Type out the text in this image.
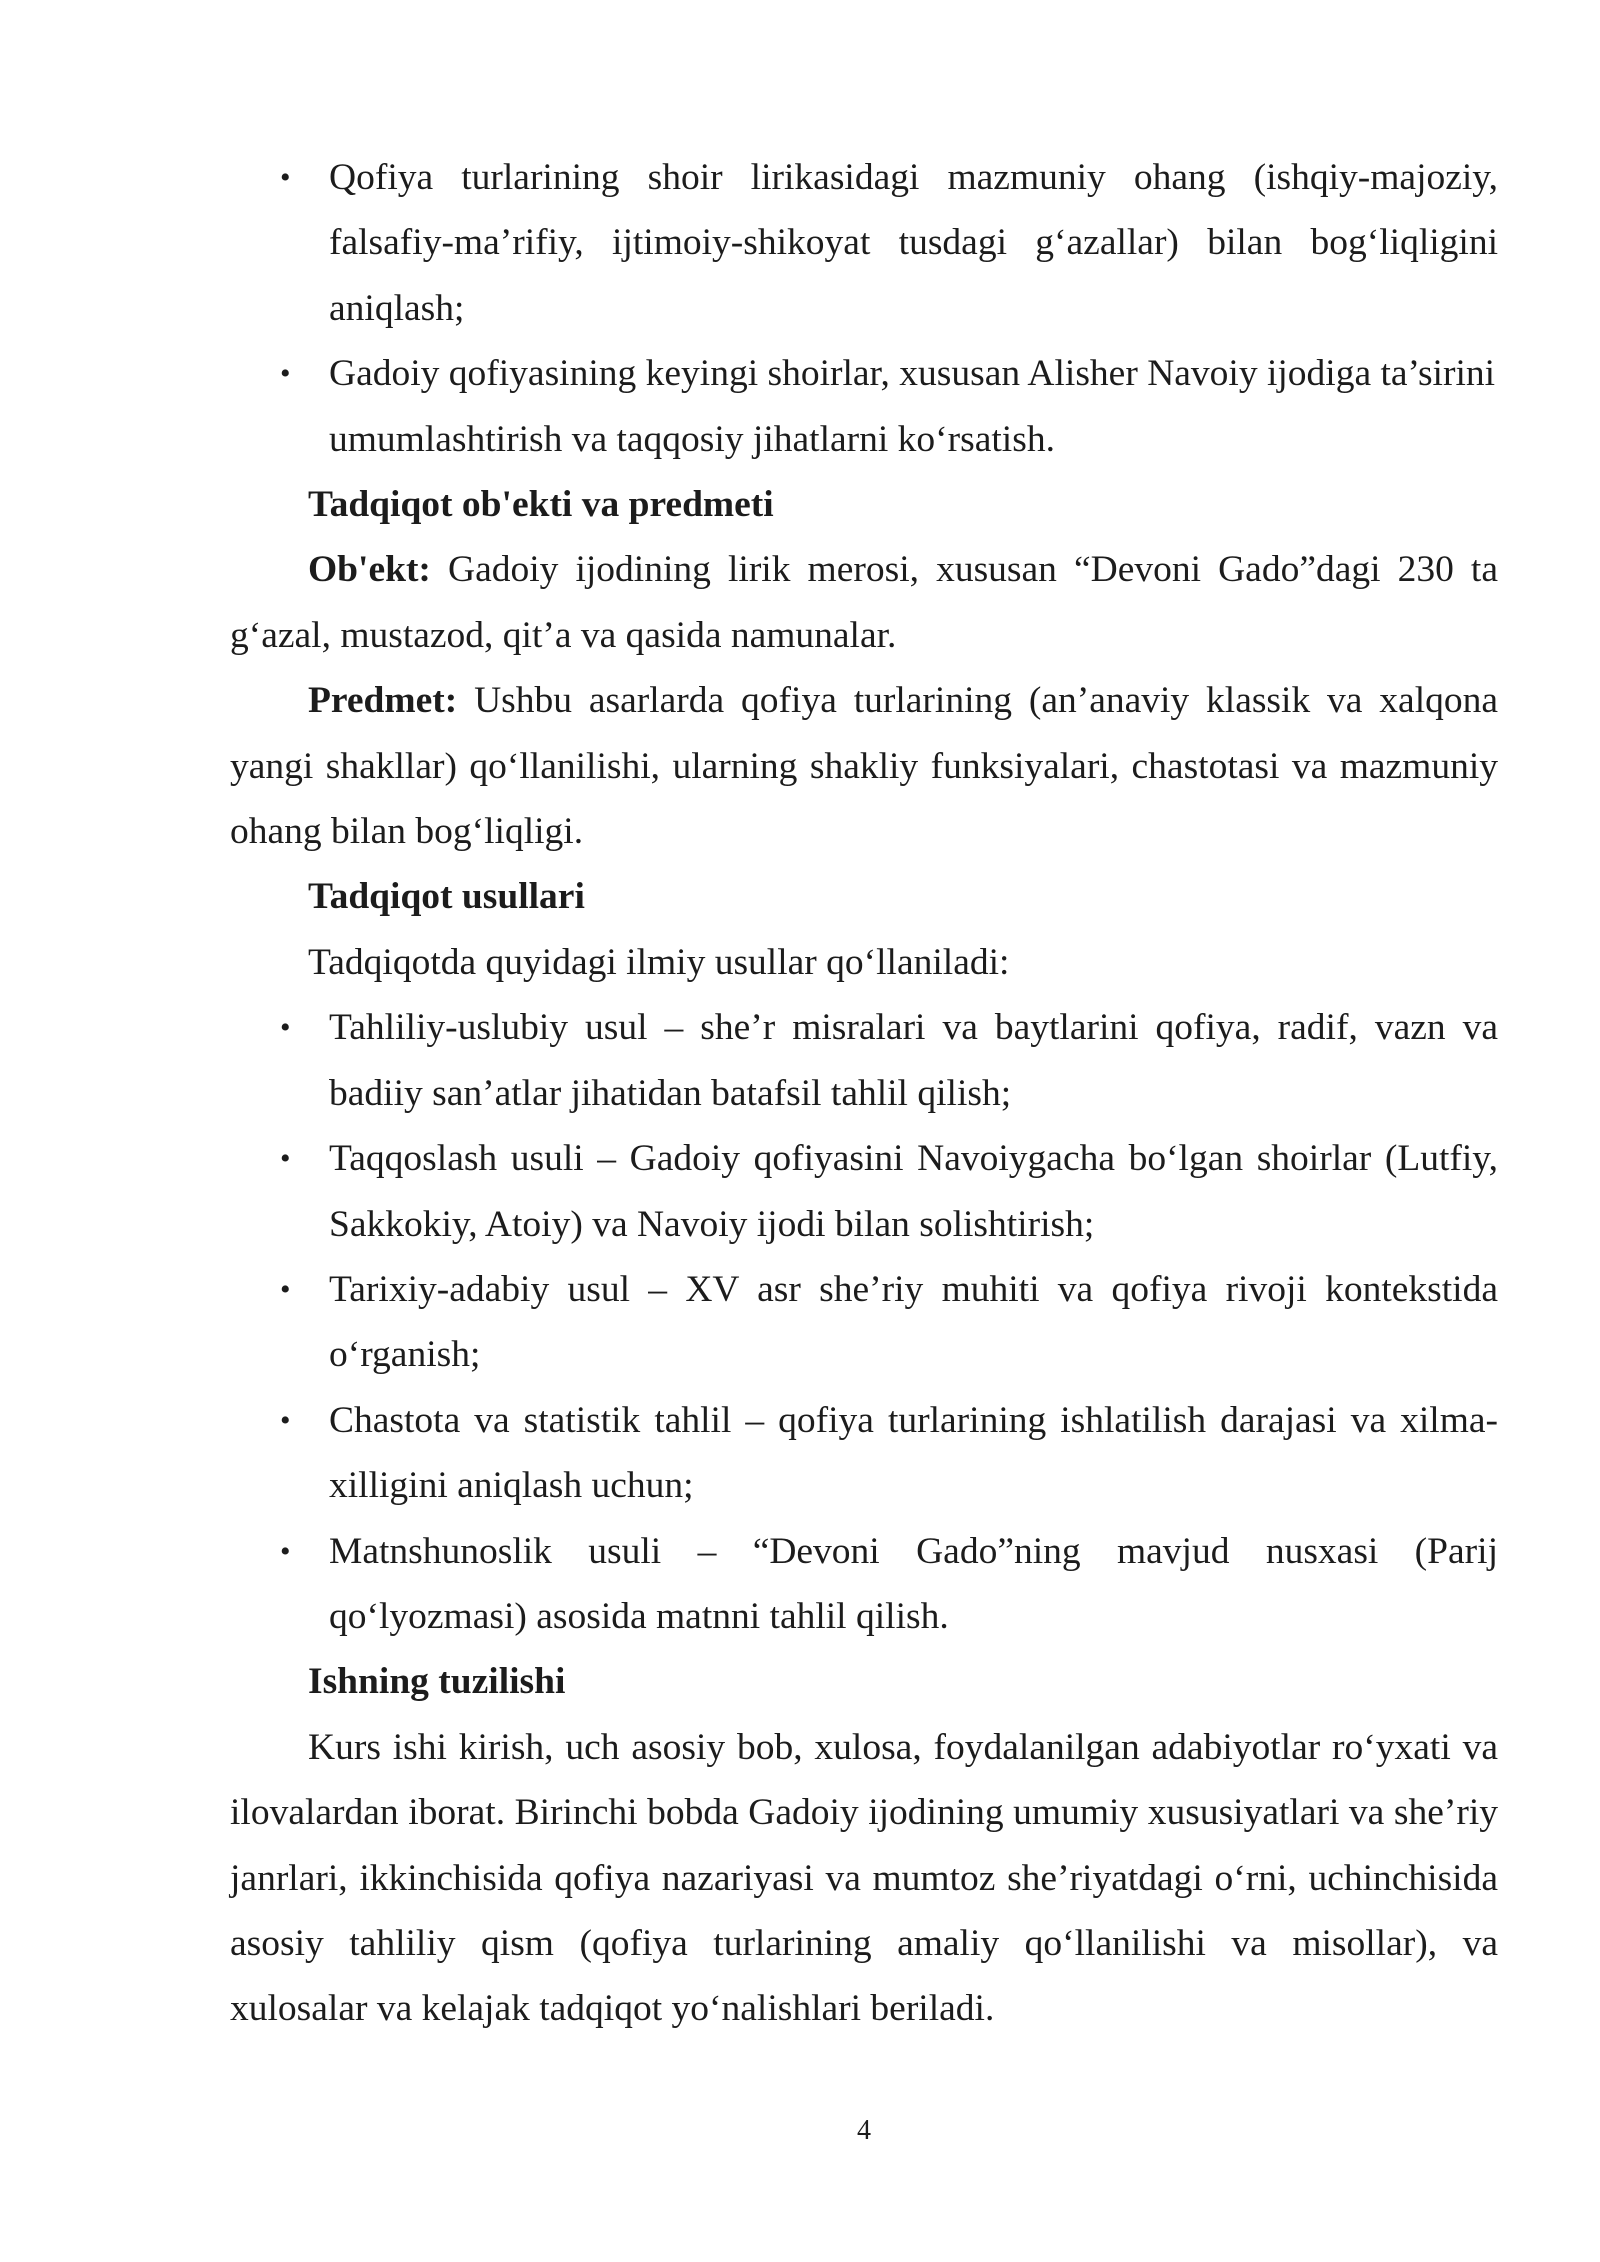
• Qofiya turlarining shoir lirikasidagi mazmuniy ohang (ishqiy-majoziy, falsafiy-ma’rifiy, ijtimoiy-shikoyat tusdagi g‘azallar) bilan bog‘liqligini aniqlash;
• Gadoiy qofiyasining keyingi shoirlar, xususan Alisher Navoiy ijodiga ta’sirini umumlashtirish va taqqosiy jihatlarni ko‘rsatish.

Tadqiqot ob'ekti va predmeti

Ob'ekt: Gadoiy ijodining lirik merosi, xususan “Devoni Gado”dagi 230 ta g‘azal, mustazod, qit’a va qasida namunalar.

Predmet: Ushbu asarlarda qofiya turlarining (an’anaviy klassik va xalqona yangi shakllar) qo‘llanilishi, ularning shakliy funksiyalari, chastotasi va mazmuniy ohang bilan bog‘liqligi.

Tadqiqot usullari

Tadqiqotda quyidagi ilmiy usullar qo‘llaniladi:

• Tahliliy-uslubiy usul – she’r misralari va baytlarini qofiya, radif, vazn va badiiy san’atlar jihatidan batafsil tahlil qilish;
• Taqqoslash usuli – Gadoiy qofiyasini Navoiygacha bo‘lgan shoirlar (Lutfiy, Sakkokiy, Atoiy) va Navoiy ijodi bilan solishtirish;
• Tarixiy-adabiy usul – XV asr she’riy muhiti va qofiya rivoji kontekstida o‘rganish;
• Chastota va statistik tahlil – qofiya turlarining ishlatilish darajasi va xilma-xilligini aniqlash uchun;
• Matnshunoslik usuli – “Devoni Gado”ning mavjud nusxasi (Parij qo‘lyozmasi) asosida matnni tahlil qilish.

Ishning tuzilishi

Kurs ishi kirish, uch asosiy bob, xulosa, foydalanilgan adabiyotlar ro‘yxati va ilovalardan iborat. Birinchi bobda Gadoiy ijodining umumiy xususiyatlari va she’riy janrlari, ikkinchisida qofiya nazariyasi va mumtoz she’riyatdagi o‘rni, uchinchisida asosiy tahliliy qism (qofiya turlarining amaliy qo‘llanilishi va misollar), va xulosalar va kelajak tadqiqot yo‘nalishlari beriladi.

4
